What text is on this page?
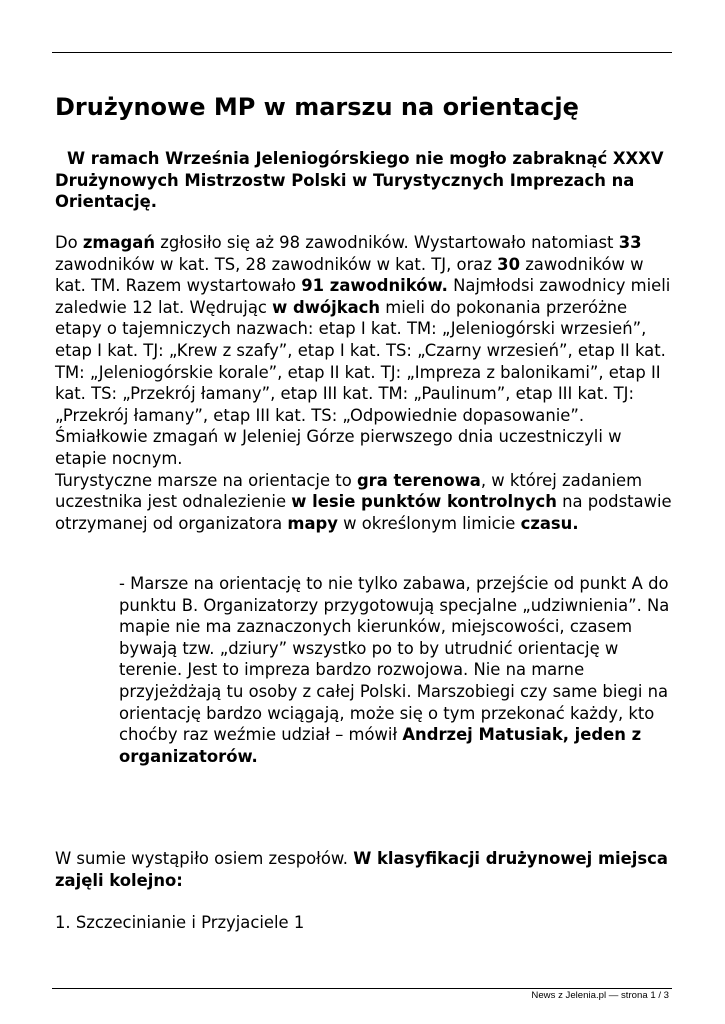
Drużynowe MP w marszu na orientację

W ramach Września Jeleniogórskiego nie mogło zabraknąć XXXV Drużynowych Mistrzostw Polski w Turystycznych Imprezach na Orientację.

Do zmagań zgłosiło się aż 98 zawodników. Wystartowało natomiast 33 zawodników w kat. TS, 28 zawodników w kat. TJ, oraz 30 zawodników w kat. TM. Razem wystartowało 91 zawodników. Najmłodsi zawodnicy mieli zaledwie 12 lat. Wędrując w dwójkach mieli do pokonania przeróżne etapy o tajemniczych nazwach: etap I kat. TM: „Jeleniogórski wrzesień”, etap I kat. TJ: „Krew z szafy”, etap I kat. TS: „Czarny wrzesień”, etap II kat. TM: „Jeleniogórskie korale”, etap II kat. TJ: „Impreza z balonikami”, etap II kat. TS: „Przekrój łamany”, etap III kat. TM: „Paulinum”, etap III kat. TJ: „Przekrój łamany”, etap III kat. TS: „Odpowiednie dopasowanie”. Śmiałkowie zmagań w Jeleniej Górze pierwszego dnia uczestniczyli w etapie nocnym.
Turystyczne marsze na orientacje to gra terenowa, w której zadaniem uczestnika jest odnalezienie w lesie punktów kontrolnych na podstawie otrzymanej od organizatora mapy w określonym limicie czasu.

- Marsze na orientację to nie tylko zabawa, przejście od punkt A do punktu B. Organizatorzy przygotowują specjalne „udziwnienia”. Na mapie nie ma zaznaczonych kierunków, miejscowości, czasem bywają tzw. „dziury” wszystko po to by utrudnić orientację w terenie. Jest to impreza bardzo rozwojowa. Nie na marne przyjeżdżają tu osoby z całej Polski. Marszobiegi czy same biegi na orientację bardzo wciągają, może się o tym przekonać każdy, kto choćby raz weźmie udział – mówił Andrzej Matusiak, jeden z organizatorów.

W sumie wystąpiło osiem zespołów. W klasyfikacji drużynowej miejsca zajęli kolejno:

1. Szczecinianie i Przyjaciele 1

News z Jelenia.pl — strona 1 / 3
